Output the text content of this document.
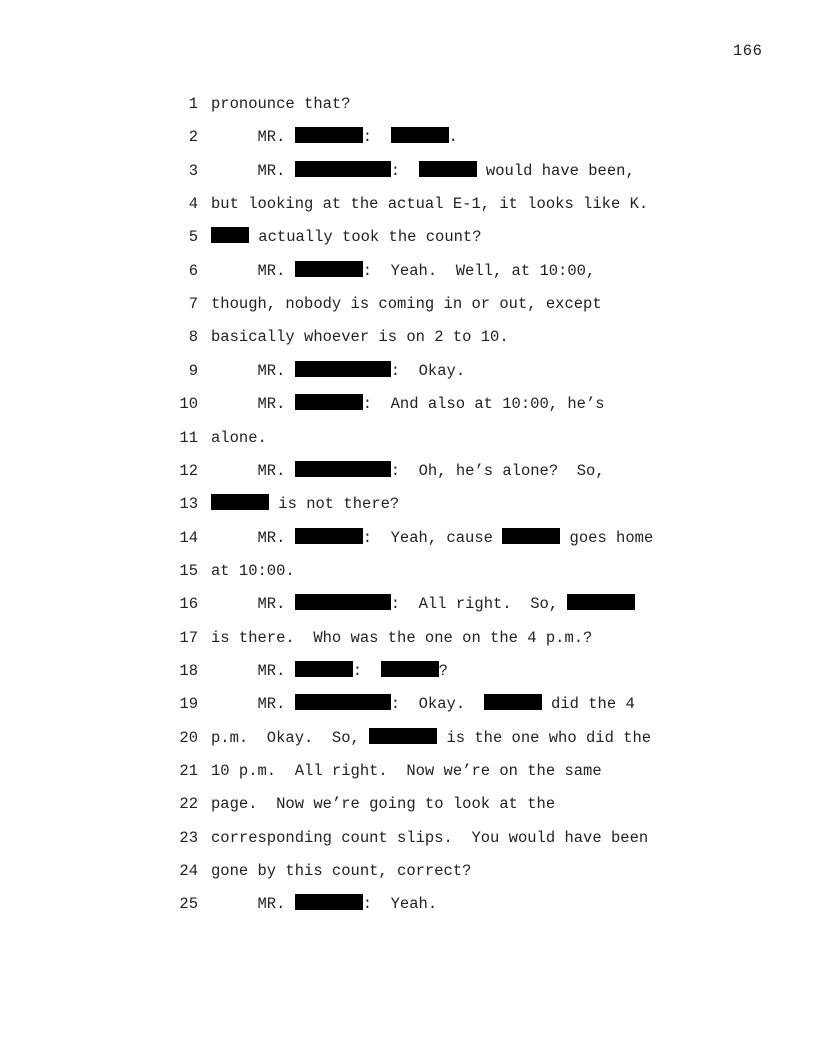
166
1 pronounce that?
2 MR.	:	.
3 MR.	:	would have been,
4 but looking at the actual E-1, it looks like K.
5	actually took the count?
6 MR.	:  Yeah.  Well, at 10:00,
7 though, nobody is coming in or out, except
8 basically whoever is on 2 to 10.
9 MR.	:  Okay.
10 MR.	:  And also at 10:00, he’s
11 alone.
12 MR.	:  Oh, he’s alone?  So,
13	is not there?
14 MR.	:  Yeah, cause	goes home
15 at 10:00.
16 MR.	:  All right.  So,
17 is there.  Who was the one on the 4 p.m.?
18 MR.	:	?
19 MR.	:  Okay.	did the 4
20 p.m.  Okay.  So,	is the one who did the
21 10 p.m.  All right.  Now we’re on the same
22 page.  Now we’re going to look at the
23 corresponding count slips.  You would have been
24 gone by this count, correct?
25 MR.	:  Yeah.
